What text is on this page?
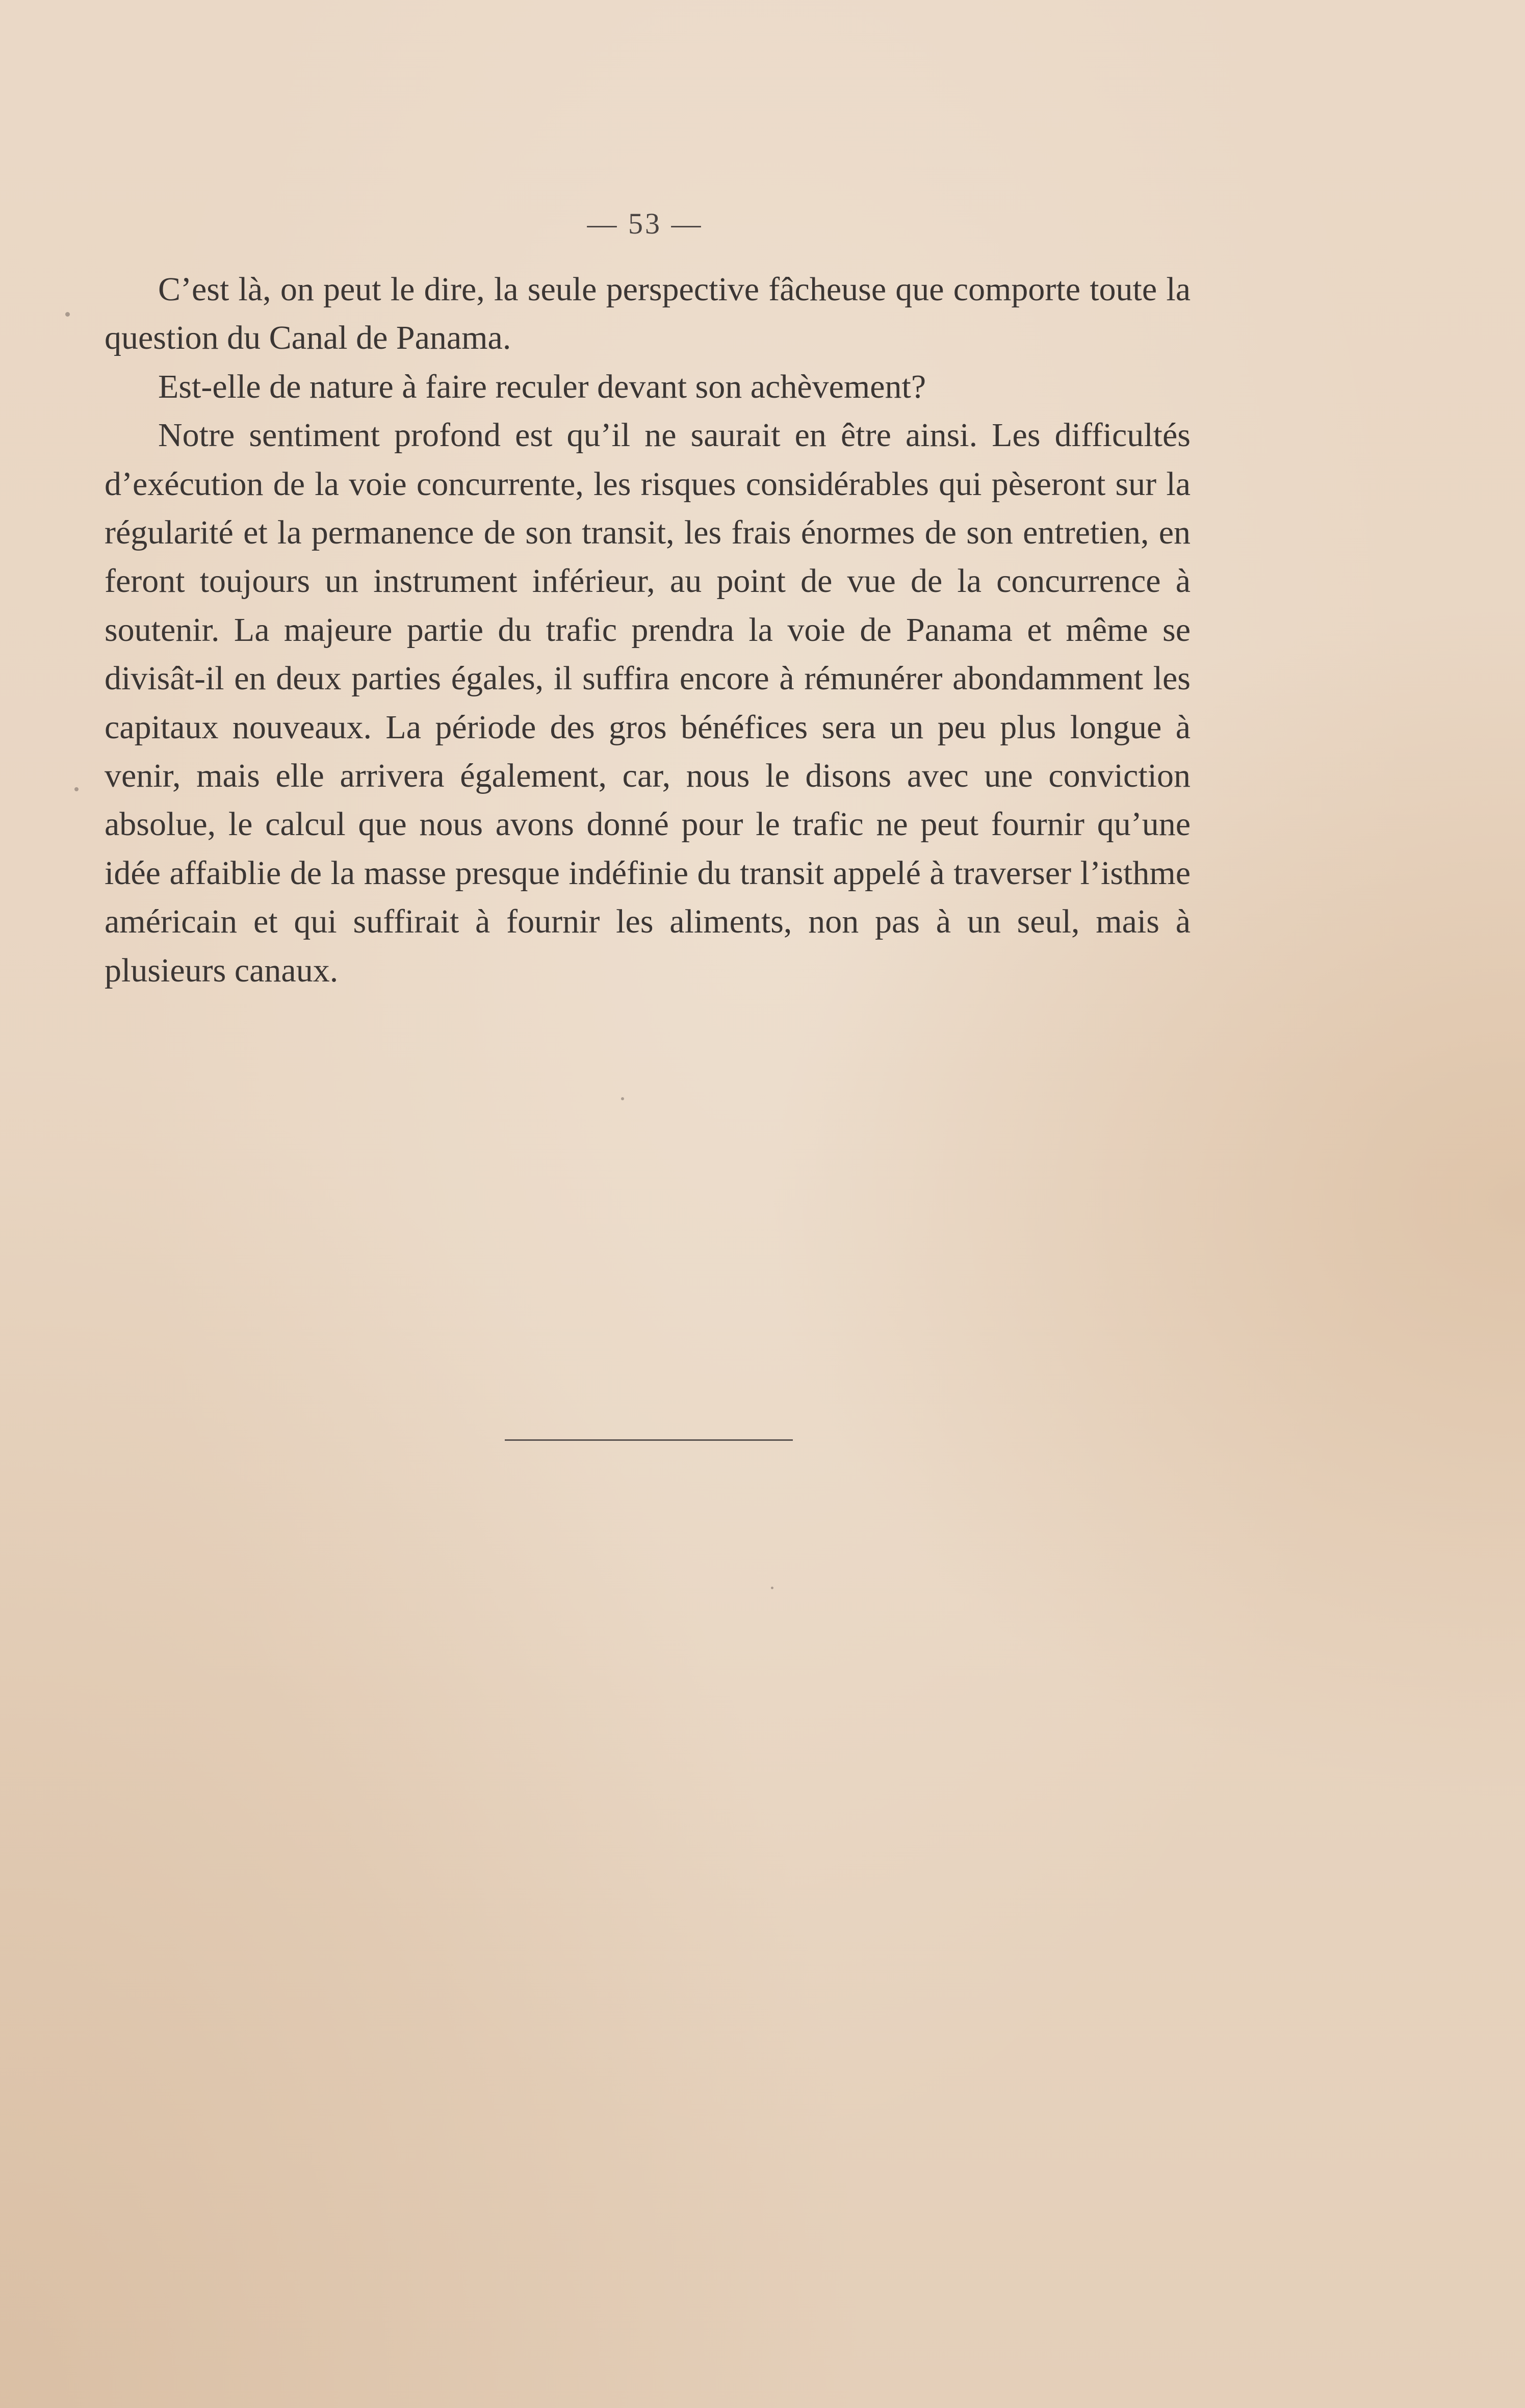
— 53 —

C’est là, on peut le dire, la seule perspective fâcheuse que comporte toute la question du Canal de Panama.

Est-elle de nature à faire reculer devant son achèvement?

Notre sentiment profond est qu’il ne saurait en être ainsi. Les difficultés d’exécution de la voie concurrente, les risques considérables qui pèseront sur la régularité et la permanence de son transit, les frais énormes de son entretien, en feront toujours un instrument inférieur, au point de vue de la concurrence à soutenir. La majeure partie du trafic prendra la voie de Panama et même se divisât-il en deux parties égales, il suffira encore à rémunérer abondamment les capitaux nouveaux. La période des gros bénéfices sera un peu plus longue à venir, mais elle arrivera également, car, nous le disons avec une conviction absolue, le calcul que nous avons donné pour le trafic ne peut fournir qu’une idée affaiblie de la masse presque indéfinie du transit appelé à traverser l’isthme américain et qui suffirait à fournir les aliments, non pas à un seul, mais à plusieurs canaux.
